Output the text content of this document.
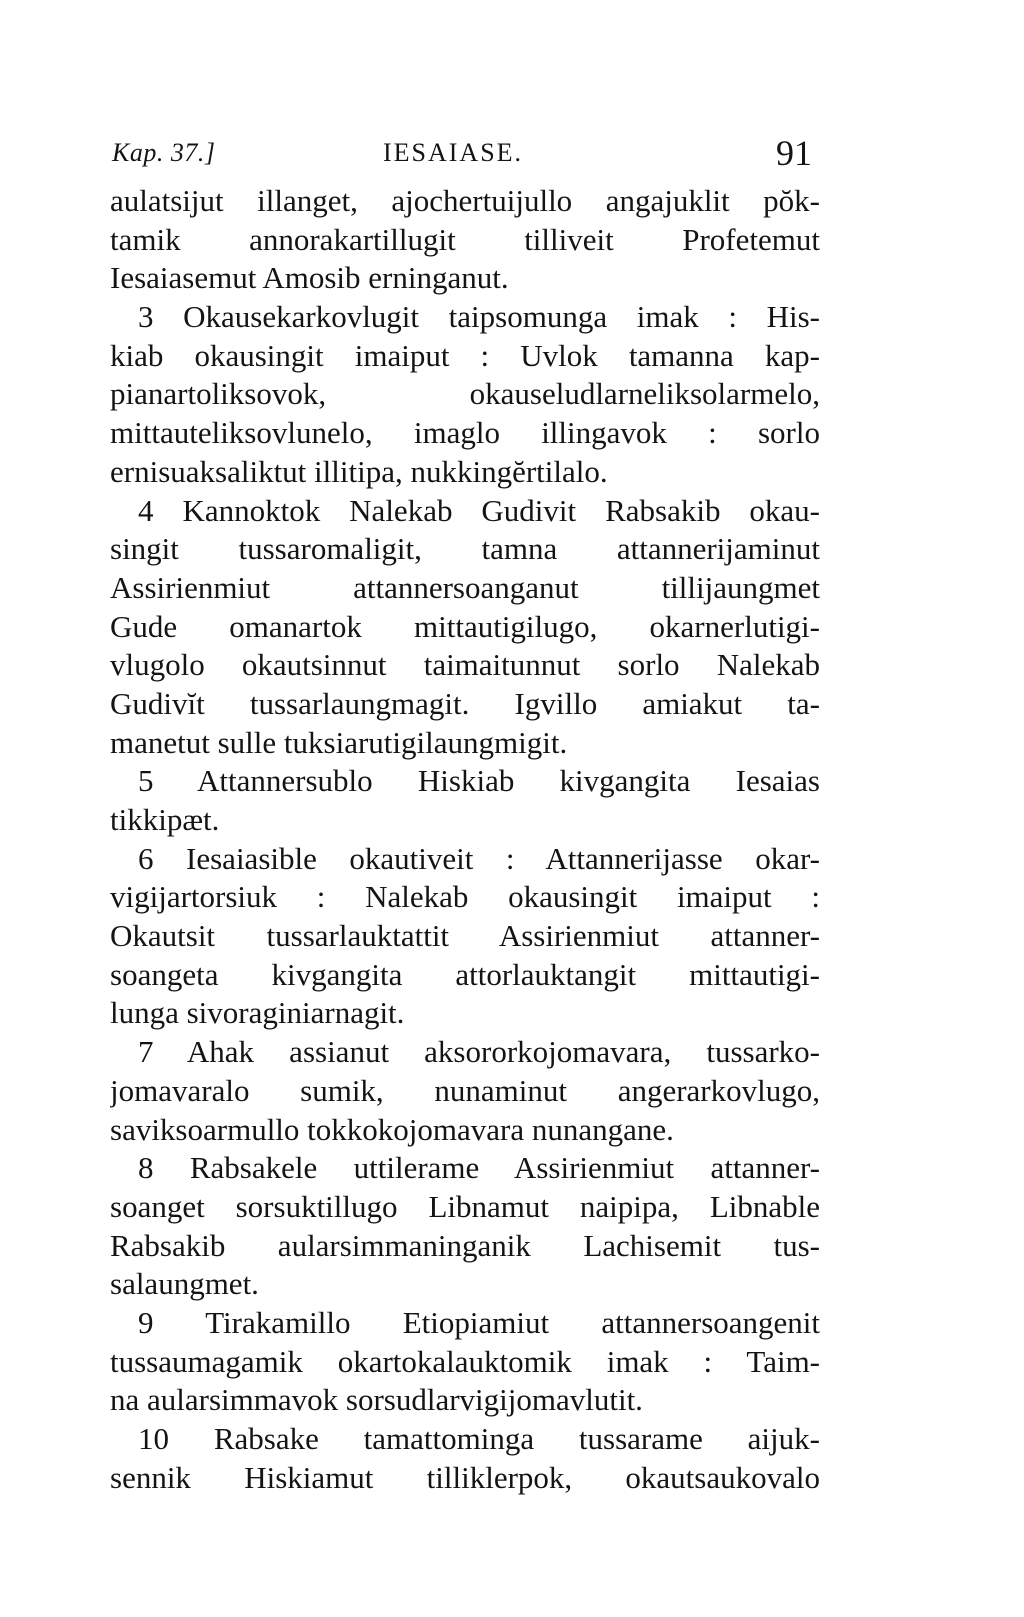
Kap. 37.]	IESAIASE.	91
aulatsijut illanget, ajochertuijullo angajuklit pŏk-
tamik annorakartillugit tilliveit Profetemut
Iesaiasemut Amosib erninganut.
3 Okausekarkovlugit taipsomunga imak : His-
kiab okausingit imaiput : Uvlok tamanna kap-
pianartoliksovok, okauseludlarneliksolarmelo,
mittauteliksovlunelo, imaglo illingavok : sorlo
ernisuaksaliktut illitipa, nukkingĕrtilalo.
4 Kannoktok Nalekab Gudivit Rabsakib okau-
singit tussaromaligit, tamna attannerijaminut
Assirienmiut attannersoanganut tillijaungmet
Gude omanartok mittautigilugo, okarnerlutigi-
vlugolo okautsinnut taimaitunnut sorlo Nalekab
Gudivĭt tussarlaungmagit. Igvillo amiakut ta-
manetut sulle tuksiarutigilaungmigit.
5 Attannersublo Hiskiab kivgangita Iesaias
tikkipæt.
6 Iesaiasible okautiveit : Attannerijasse okar-
vigijartorsiuk : Nalekab okausingit imaiput :
Okautsit tussarlauktattit Assirienmiut attanner-
soangeta kivgangita attorlauktangit mittautigi-
lunga sivoraginiarnagit.
7 Ahak assianut aksororkojomavara, tussarko-
jomavaralo sumik, nunaminut angerarkovlugo,
saviksoarmullo tokkokojomavara nunangane.
8 Rabsakele uttilerame Assirienmiut attanner-
soanget sorsuktillugo Libnamut naipipa, Libnable
Rabsakib aularsimmaninganik Lachisemit tus-
salaungmet.
9 Tirakamillo Etiopiamiut attannersoangenit
tussaumagamik okartokalauktomik imak : Taim-
na aularsimmavok sorsudlarvigijomavlutit.
10 Rabsake tamattominga tussarame aijuk-
sennik Hiskiamut tilliklerpok, okautsaukovalo
